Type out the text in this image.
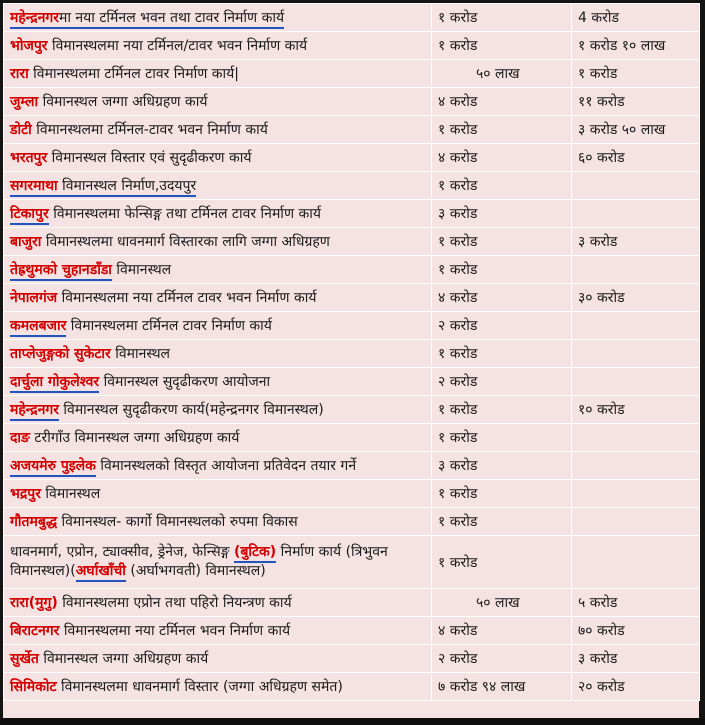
महेन्द्रनगरमा नया टर्मिनल भवन तथा टावर निर्माण कार्य	१ करोड	4 करोड
भोजपुर विमानस्थलमा नया टर्मिनल/टावर भवन निर्माण कार्य	१ करोड	१ करोड १० लाख
रारा विमानस्थलमा टर्मिनल टावर निर्माण कार्य|	५० लाख	१ करोड
जुम्ला विमानस्थल जग्गा अधिग्रहण कार्य	४ करोड	११ करोड
डोटी विमानस्थलमा टर्मिनल-टावर भवन निर्माण कार्य	१ करोड	३ करोड ५० लाख
भरतपुर विमानस्थल विस्तार एवं सुदृढीकरण कार्य	४ करोड	६० करोड
सगरमाथा विमानस्थल निर्माण,उदयपुर	१ करोड	
टिकापुर विमानस्थलमा फेन्सिङ्ग तथा टर्मिनल टावर निर्माण कार्य	३ करोड	
बाजुरा विमानस्थलमा धावनमार्ग विस्तारका लागि जग्गा अधिग्रहण	१ करोड	३ करोड
तेह्रथुमको चुहानडाँडा विमानस्थल	१ करोड	
नेपालगंज विमानस्थलमा नया टर्मिनल टावर भवन निर्माण कार्य	४ करोड	३० करोड
कमलबजार विमानस्थलमा टर्मिनल टावर निर्माण कार्य	२ करोड	
ताप्लेजुङ्गको सुकेटार विमानस्थल	१ करोड	
दार्चुला गोकुलेश्वर विमानस्थल सुदृढीकरण आयोजना	२ करोड	
महेन्द्रनगर विमानस्थल सुदृढीकरण कार्य(महेन्द्रनगर विमानस्थल)	१ करोड	१० करोड
दाङ टरीगाँउ विमानस्थल जग्गा अधिग्रहण कार्य	१ करोड	
अजयमेरु पुइलेक विमानस्थलको विस्तृत आयोजना प्रतिवेदन तयार गर्ने	३ करोड	
भद्रपुर विमानस्थल	१ करोड	
गौतमबुद्ध विमानस्थल- कार्गो विमानस्थलको रुपमा विकास	१ करोड	
धावनमार्ग, एप्रोन, ट्याक्सीव, ड्रेनेज, फेन्सिङ्ग (बुटिक) निर्माण कार्य (त्रिभुवन विमानस्थल)(अर्घाखाँची (अर्घाभगवती) विमानस्थल)	१ करोड	
रारा(मुगु) विमानस्थलमा एप्रोन तथा पहिरो नियन्त्रण कार्य	५० लाख	५ करोड
बिराटनगर विमानस्थलमा नया टर्मिनल भवन निर्माण कार्य	४ करोड	७० करोड
सुर्खेत विमानस्थल जग्गा अधिग्रहण कार्य	२ करोड	३ करोड
सिमिकोट विमानस्थलमा धावनमार्ग विस्तार (जग्गा अधिग्रहण समेत)	७ करोड ९४ लाख	२० करोड
